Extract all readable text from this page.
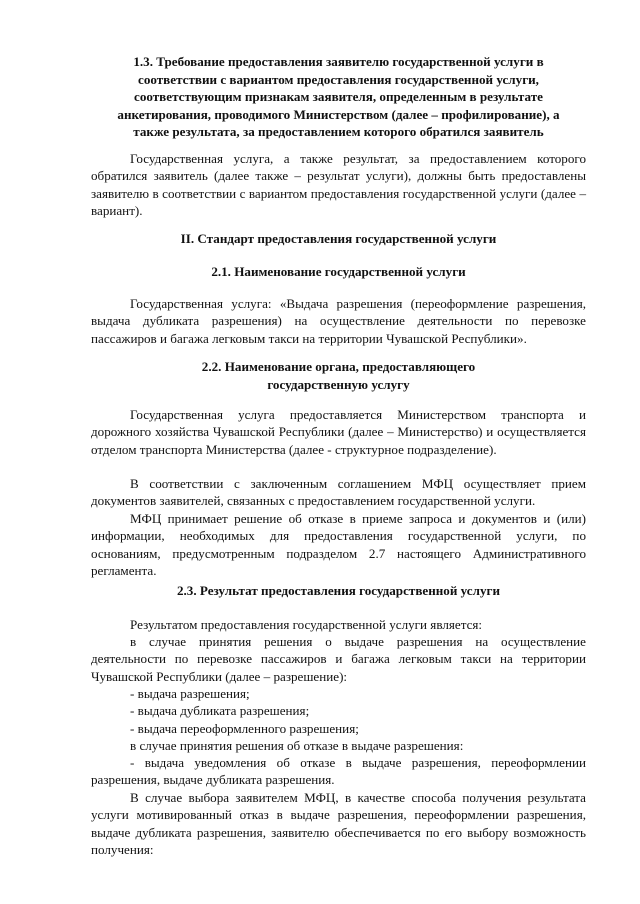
1.3. Требование предоставления заявителю государственной услуги в
соответствии с вариантом предоставления государственной услуги,
соответствующим признакам заявителя, определенным в результате
анкетирования, проводимого Министерством (далее – профилирование), а
также результата, за предоставлением которого обратился заявитель

Государственная услуга, а также результат, за предоставлением которого обратился заявитель (далее также – результат услуги), должны быть предоставлены заявителю в соответствии с вариантом предоставления государственной услуги (далее – вариант).

II. Стандарт предоставления государственной услуги
2.1. Наименование государственной услуги

Государственная услуга: «Выдача разрешения (переоформление разрешения, выдача дубликата разрешения) на осуществление деятельности по перевозке пассажиров и багажа легковым такси на территории Чувашской Республики».

2.2. Наименование органа, предоставляющего
государственную услугу

Государственная услуга предоставляется Министерством транспорта и дорожного хозяйства Чувашской Республики (далее – Министерство) и осуществляется отделом транспорта Министерства (далее - структурное подразделение).

В соответствии с заключенным соглашением МФЦ осуществляет прием документов заявителей, связанных с предоставлением государственной услуги.

МФЦ принимает решение об отказе в приеме запроса и документов и (или) информации, необходимых для предоставления государственной услуги, по основаниям, предусмотренным подразделом 2.7 настоящего Административного регламента.

2.3. Результат предоставления государственной услуги

Результатом предоставления государственной услуги является:

в случае принятия решения о выдаче разрешения на осуществление деятельности по перевозке пассажиров и багажа легковым такси на территории Чувашской Республики (далее – разрешение):

- выдача разрешения;
- выдача дубликата разрешения;
- выдача переоформленного разрешения;

в случае принятия решения об отказе в выдаче разрешения:

- выдача уведомления об отказе в выдаче разрешения, переоформлении разрешения, выдаче дубликата разрешения.

В случае выбора заявителем МФЦ, в качестве способа получения результата услуги мотивированный отказ в выдаче разрешения, переоформлении разрешения, выдаче дубликата разрешения, заявителю обеспечивается по его выбору возможность получения:
